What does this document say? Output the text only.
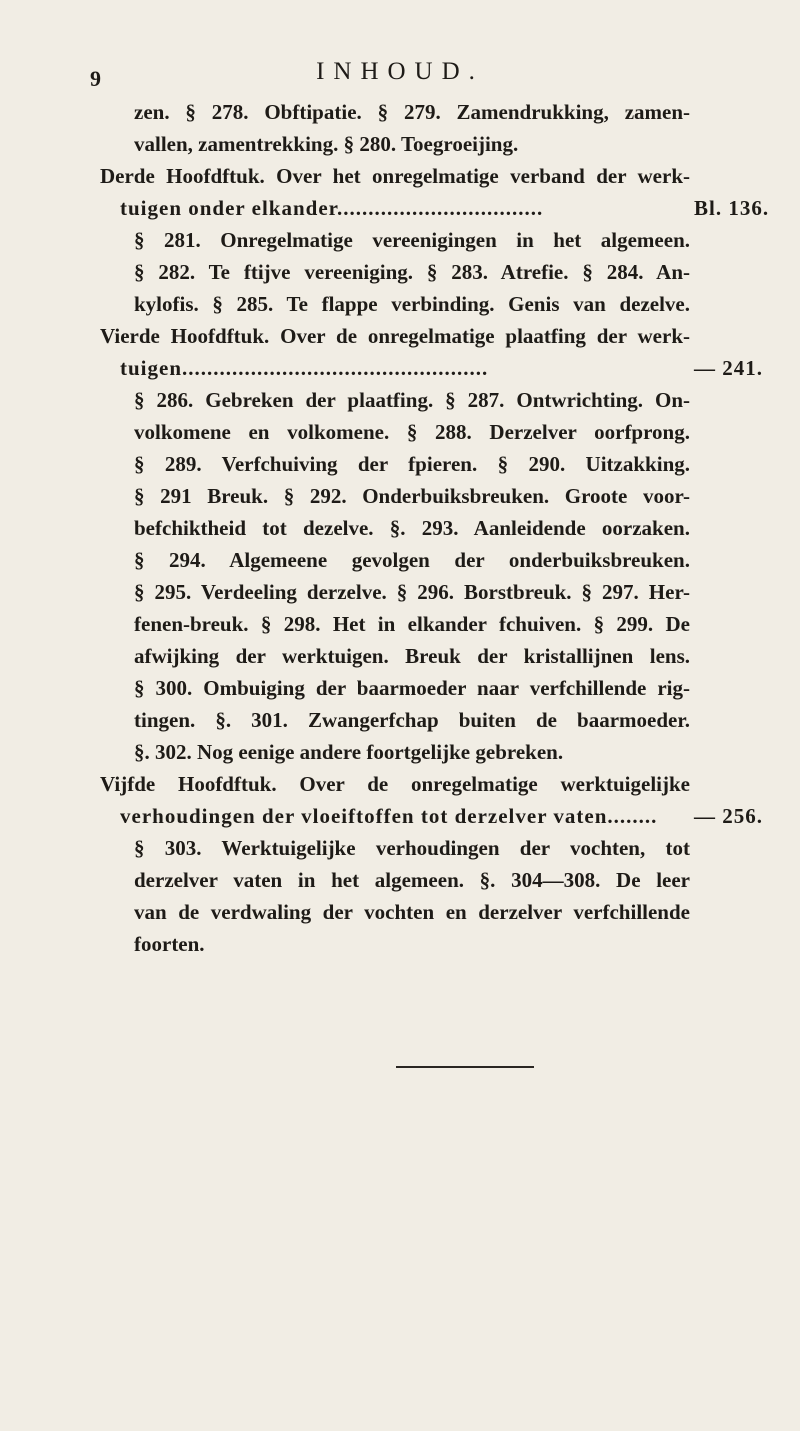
9	INHOUD.
zen. § 278. Obftipatie. § 279. Zamendrukking, zamen-
vallen, zamentrekking. § 280. Toegroeijing.
Derde Hoofdftuk. Over het onregelmatige verband der werk-
tuigen onder elkander.................................	Bl. 136.
§ 281. Onregelmatige vereenigingen in het algemeen.
§ 282. Te ftijve vereeniging. § 283. Atrefie. § 284. An-
kylofis. § 285. Te flappe verbinding. Genis van dezelve.
Vierde Hoofdftuk. Over de onregelmatige plaatfing der werk-
tuigen.................................................	— 241.
§ 286. Gebreken der plaatfing. § 287. Ontwrichting. On-
volkomene en volkomene. § 288. Derzelver oorfprong.
§ 289. Verfchuiving der fpieren. § 290. Uitzakking.
§ 291 Breuk. § 292. Onderbuiksbreuken. Groote voor-
befchiktheid tot dezelve. §. 293. Aanleidende oorzaken.
§ 294. Algemeene gevolgen der onderbuiksbreuken.
§ 295. Verdeeling derzelve. § 296. Borstbreuk. § 297. Her-
fenen-breuk. § 298. Het in elkander fchuiven. § 299. De
afwijking der werktuigen. Breuk der kristallijnen lens.
§ 300. Ombuiging der baarmoeder naar verfchillende rig-
tingen. §. 301. Zwangerfchap buiten de baarmoeder.
§. 302. Nog eenige andere foortgelijke gebreken.
Vijfde Hoofdftuk. Over de onregelmatige werktuigelijke
verhoudingen der vloeiftoffen tot derzelver vaten........ — 256.
§ 303. Werktuigelijke verhoudingen der vochten, tot
derzelver vaten in het algemeen. §. 304—308. De leer
van de verdwaling der vochten en derzelver verfchillende
foorten.
